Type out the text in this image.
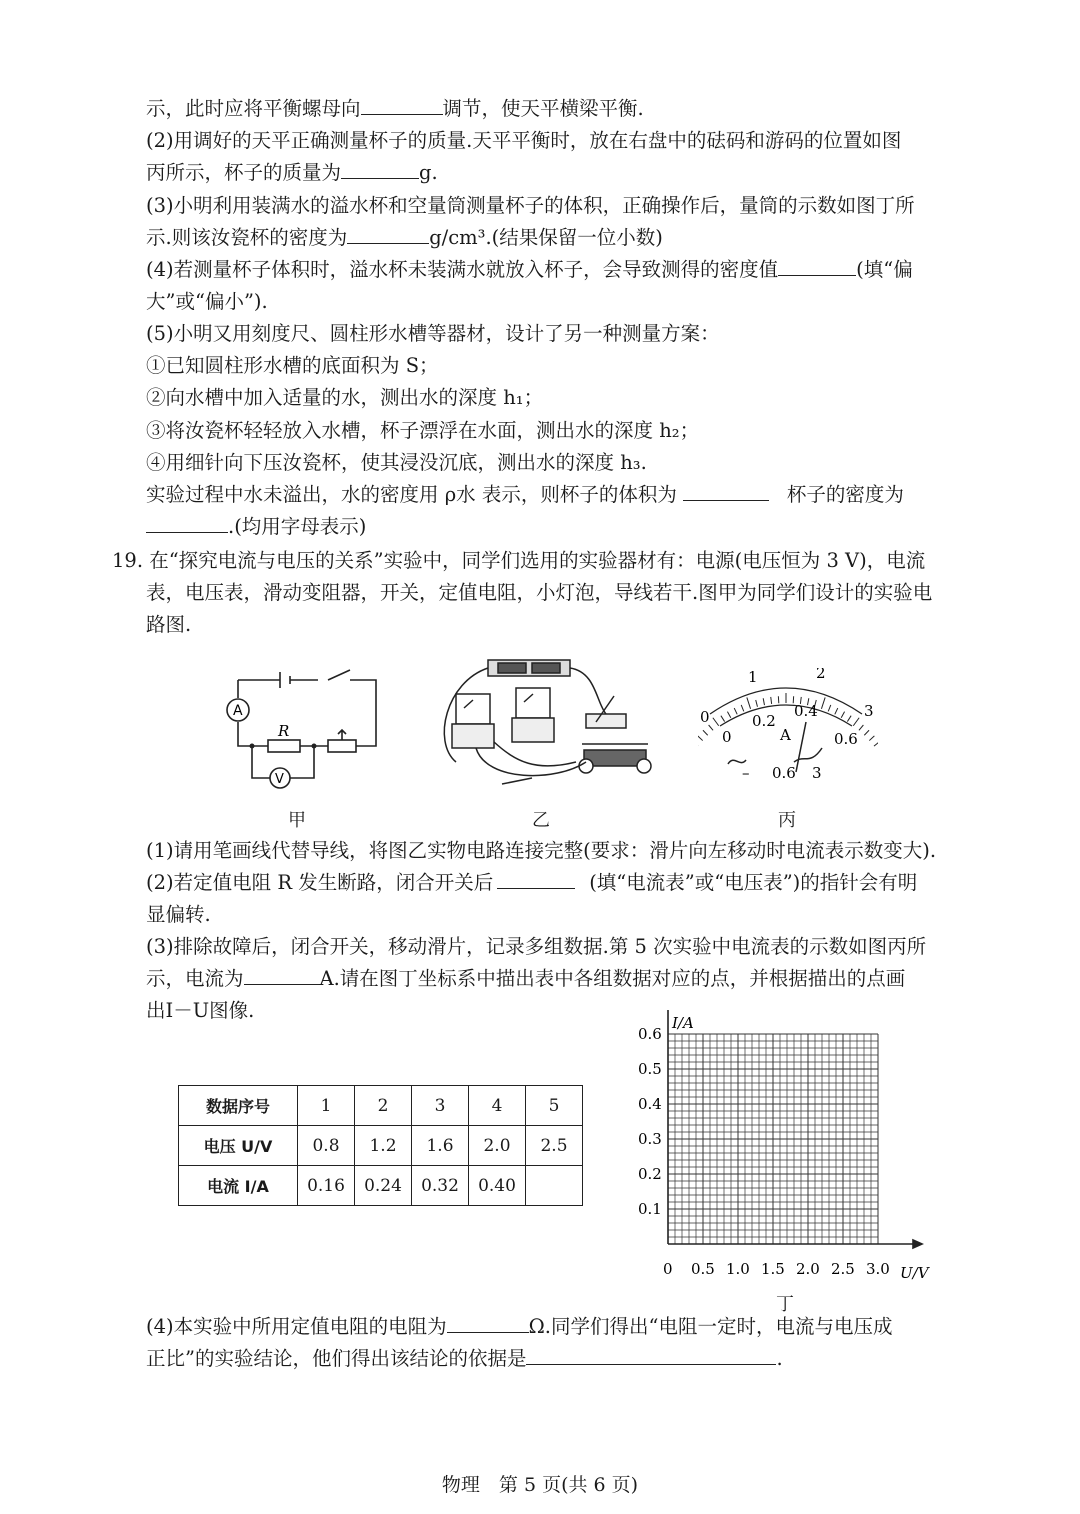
示，此时应将平衡螺母向	调节，使天平横梁平衡.
(2)用调好的天平正确测量杯子的质量.天平平衡时，放在右盘中的砝码和游码的位置如图
丙所示，杯子的质量为	g.
(3)小明利用装满水的溢水杯和空量筒测量杯子的体积，正确操作后，量筒的示数如图丁所
示.则该汝瓷杯的密度为	g/cm³.(结果保留一位小数)
(4)若测量杯子体积时，溢水杯未装满水就放入杯子，会导致测得的密度值	(填“偏
大”或“偏小”).
(5)小明又用刻度尺、圆柱形水槽等器材，设计了另一种测量方案：
①已知圆柱形水槽的底面积为 S；
②向水槽中加入适量的水，测出水的深度 h₁；
③将汝瓷杯轻轻放入水槽，杯子漂浮在水面，测出水的深度 h₂；
④用细针向下压汝瓷杯，使其浸没沉底，测出水的深度 h₃.
实验过程中水未溢出，水的密度用 ρ水 表示，则杯子的体积为	杯子的密度为
.(均用字母表示)
19. 在“探究电流与电压的关系”实验中，同学们选用的实验器材有：电源(电压恒为 3 V)，电流
表，电压表，滑动变阻器，开关，定值电阻，小灯泡，导线若干.图甲为同学们设计的实验电
路图.
A
V
R
0
1	2
3
0
0.2
0.4
0.6
A
– 0.6 3
甲	乙	丙
(1)请用笔画线代替导线，将图乙实物电路连接完整(要求：滑片向左移动时电流表示数变大).
(2)若定值电阻 R 发生断路，闭合开关后	(填“电流表”或“电压表”)的指针会有明
显偏转.
(3)排除故障后，闭合开关，移动滑片，记录多组数据.第 5 次实验中电流表的示数如图丙所
示，电流为	A.请在图丁坐标系中描出表中各组数据对应的点，并根据描出的点画
出I－U图像.
数据序号	1	2	3	4	5
电压 U/V	0.8	1.2	1.6	2.0	2.5
电流 I/A	0.16	0.24	0.32	0.40	
0 0.5 1.0 1.5 2.0 2.5 3.0
0.1
0.2
0.3
0.4
0.5
0.6
I/A
U/V
丁
(4)本实验中所用定值电阻的电阻为	Ω.同学们得出“电阻一定时，电流与电压成
正比”的实验结论，他们得出该结论的依据是	.
物理　第 5 页(共 6 页)
